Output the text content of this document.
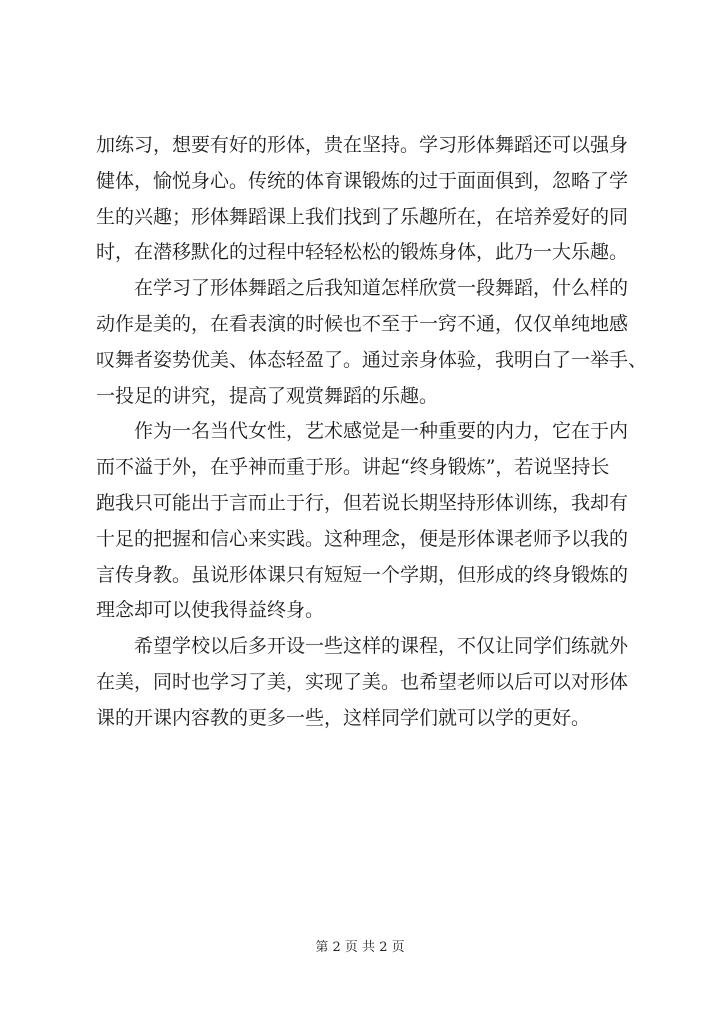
加练习，想要有好的形体，贵在坚持。学习形体舞蹈还可以强身
健体，愉悦身心。传统的体育课锻炼的过于面面俱到，忽略了学
生的兴趣；形体舞蹈课上我们找到了乐趣所在，在培养爱好的同
时，在潜移默化的过程中轻轻松松的锻炼身体，此乃一大乐趣。

在学习了形体舞蹈之后我知道怎样欣赏一段舞蹈，什么样的
动作是美的，在看表演的时候也不至于一窍不通，仅仅单纯地感
叹舞者姿势优美、体态轻盈了。通过亲身体验，我明白了一举手、
一投足的讲究，提高了观赏舞蹈的乐趣。

作为一名当代女性，艺术感觉是一种重要的内力，它在于内
而不溢于外，在乎神而重于形。讲起“终身锻炼”，若说坚持长
跑我只可能出于言而止于行，但若说长期坚持形体训练，我却有
十足的把握和信心来实践。这种理念，便是形体课老师予以我的
言传身教。虽说形体课只有短短一个学期，但形成的终身锻炼的
理念却可以使我得益终身。

希望学校以后多开设一些这样的课程，不仅让同学们练就外
在美，同时也学习了美，实现了美。也希望老师以后可以对形体
课的开课内容教的更多一些，这样同学们就可以学的更好。

第 2 页 共 2 页
